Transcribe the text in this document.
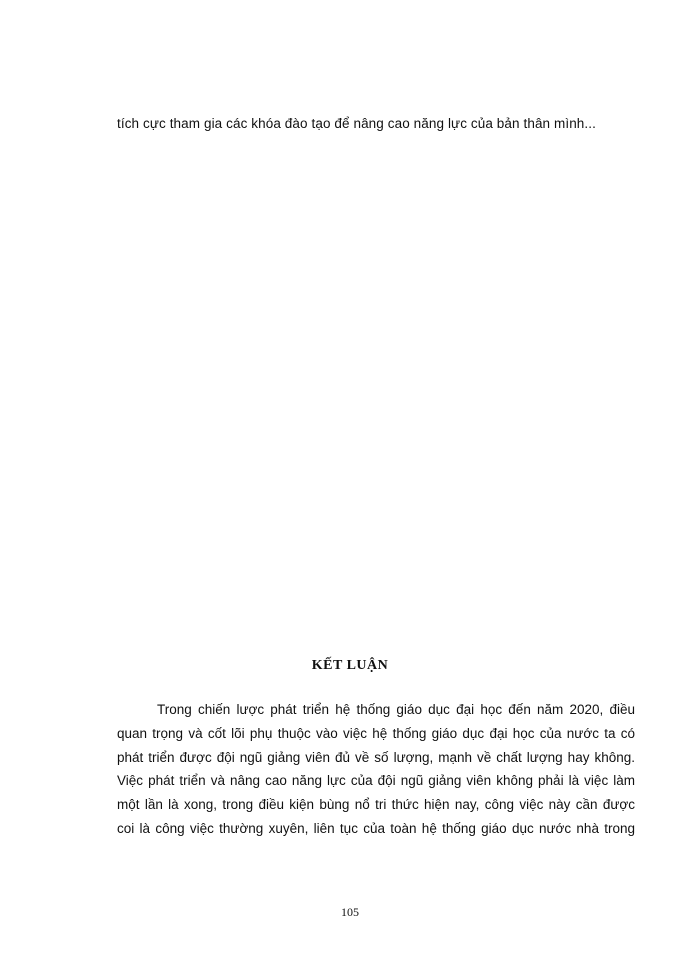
tích cực tham gia các khóa đào tạo để nâng cao năng lực của bản thân mình...
KẾT LUẬN
Trong chiến lược phát triển hệ thống giáo dục đại học đến năm 2020, điều
quan trọng và cốt lõi phụ thuộc vào việc hệ thống giáo dục đại học của nước ta có
phát triển được đội ngũ giảng viên đủ về số lượng, mạnh về chất lượng hay không.
Việc phát triển và nâng cao năng lực của đội ngũ giảng viên không phải là việc làm
một lần là xong, trong điều kiện bùng nổ tri thức hiện nay, công việc này cần được
coi là công việc thường xuyên, liên tục của toàn hệ thống giáo dục nước nhà trong
105
